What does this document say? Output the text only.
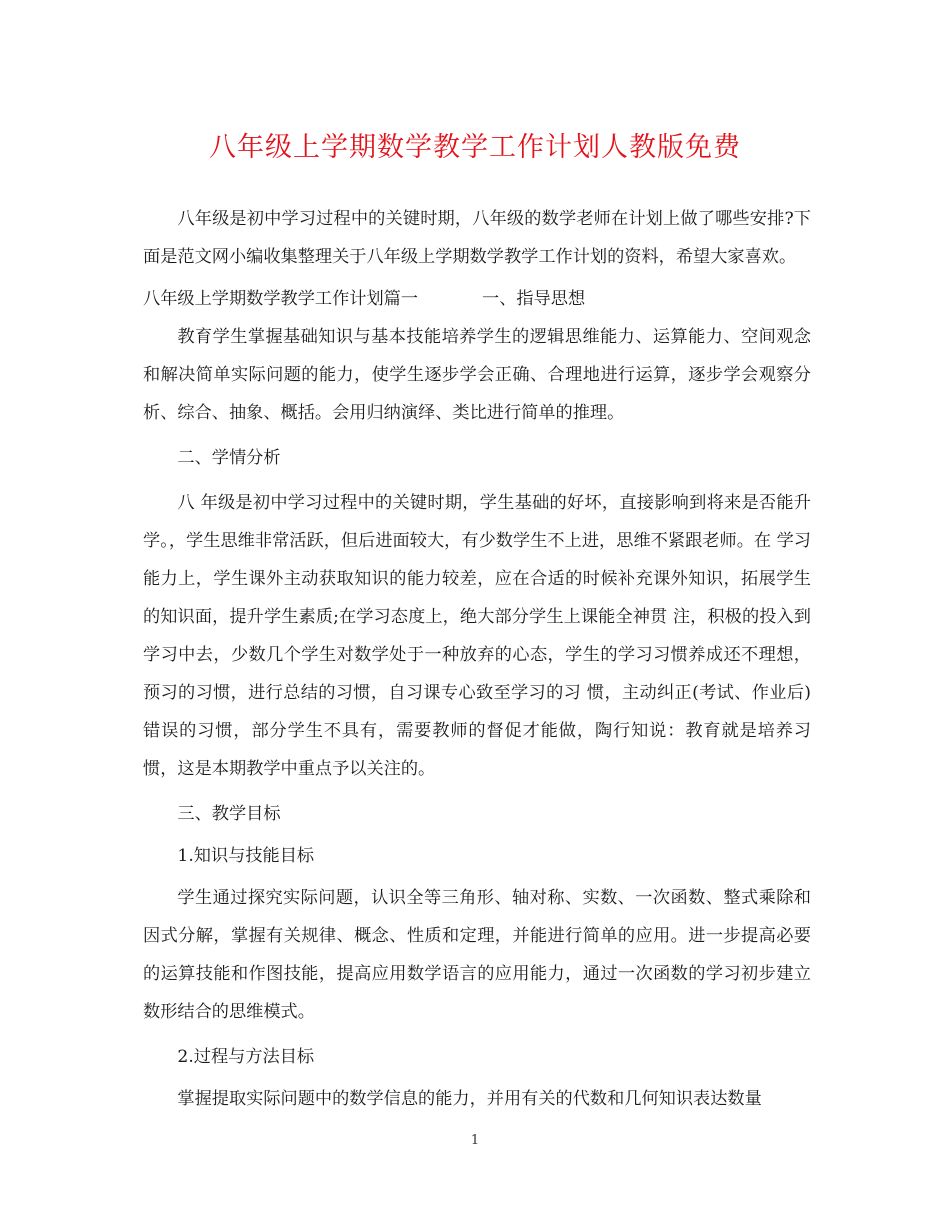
八年级上学期数学教学工作计划人教版免费

八年级是初中学习过程中的关键时期，八年级的数学老师在计划上做了哪些安排?下面是范文网小编收集整理关于八年级上学期数学教学工作计划的资料，希望大家喜欢。

八年级上学期数学教学工作计划篇一	一、指导思想

教育学生掌握基础知识与基本技能培养学生的逻辑思维能力、运算能力、空间观念和解决简单实际问题的能力，使学生逐步学会正确、合理地进行运算，逐步学会观察分析、综合、抽象、概括。会用归纳演绎、类比进行简单的推理。

二、学情分析

八 年级是初中学习过程中的关键时期，学生基础的好坏，直接影响到将来是否能升学。，学生思维非常活跃，但后进面较大，有少数学生不上进，思维不紧跟老师。在 学习能力上，学生课外主动获取知识的能力较差，应在合适的时候补充课外知识，拓展学生的知识面，提升学生素质;在学习态度上，绝大部分学生上课能全神贯 注，积极的投入到学习中去，少数几个学生对数学处于一种放弃的心态，学生的学习习惯养成还不理想，预习的习惯，进行总结的习惯，自习课专心致至学习的习 惯，主动纠正(考试、作业后)错误的习惯，部分学生不具有，需要教师的督促才能做，陶行知说：教育就是培养习惯，这是本期教学中重点予以关注的。

三、教学目标

1.知识与技能目标

学生通过探究实际问题，认识全等三角形、轴对称、实数、一次函数、整式乘除和因式分解，掌握有关规律、概念、性质和定理，并能进行简单的应用。进一步提高必要的运算技能和作图技能，提高应用数学语言的应用能力，通过一次函数的学习初步建立数形结合的思维模式。

2.过程与方法目标

掌握提取实际问题中的数学信息的能力，并用有关的代数和几何知识表达数量

1
